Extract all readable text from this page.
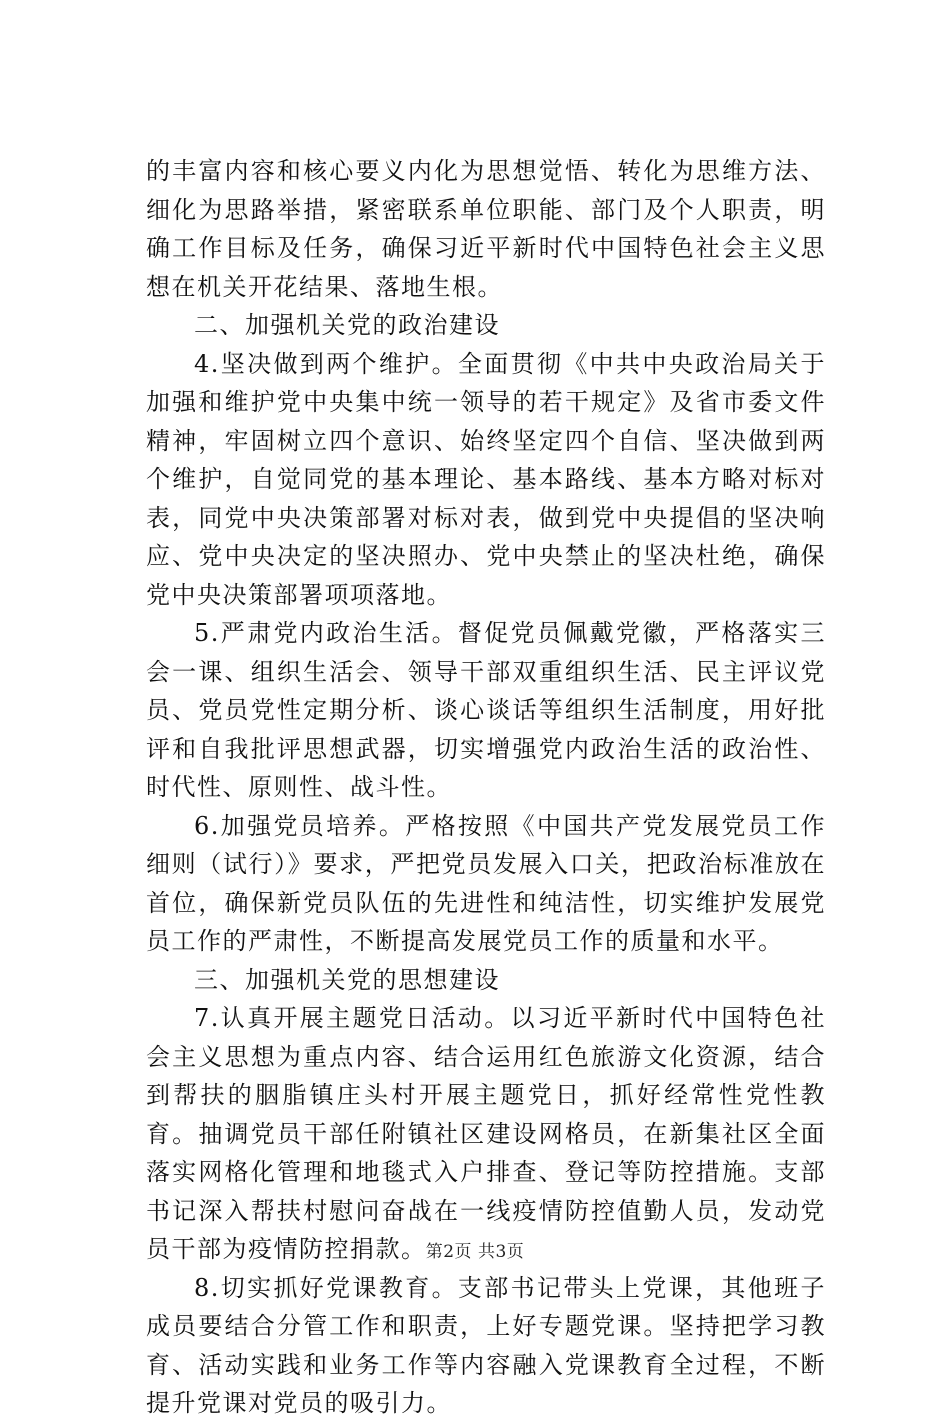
的丰富内容和核心要义内化为思想觉悟、转化为思维方法、细化为思路举措，紧密联系单位职能、部门及个人职责，明确工作目标及任务，确保习近平新时代中国特色社会主义思想在机关开花结果、落地生根。

二、加强机关党的政治建设

4.坚决做到两个维护。全面贯彻《中共中央政治局关于加强和维护党中央集中统一领导的若干规定》及省市委文件精神，牢固树立四个意识、始终坚定四个自信、坚决做到两个维护，自觉同党的基本理论、基本路线、基本方略对标对表，同党中央决策部署对标对表，做到党中央提倡的坚决响应、党中央决定的坚决照办、党中央禁止的坚决杜绝，确保党中央决策部署项项落地。

5.严肃党内政治生活。督促党员佩戴党徽，严格落实三会一课、组织生活会、领导干部双重组织生活、民主评议党员、党员党性定期分析、谈心谈话等组织生活制度，用好批评和自我批评思想武器，切实增强党内政治生活的政治性、时代性、原则性、战斗性。

6.加强党员培养。严格按照《中国共产党发展党员工作细则（试行）》要求，严把党员发展入口关，把政治标准放在首位，确保新党员队伍的先进性和纯洁性，切实维护发展党员工作的严肃性，不断提高发展党员工作的质量和水平。

三、加强机关党的思想建设

7.认真开展主题党日活动。以习近平新时代中国特色社会主义思想为重点内容、结合运用红色旅游文化资源，结合到帮扶的胭脂镇庄头村开展主题党日，抓好经常性党性教育。抽调党员干部任附镇社区建设网格员，在新集社区全面落实网格化管理和地毯式入户排查、登记等防控措施。支部书记深入帮扶村慰问奋战在一线疫情防控值勤人员，发动党员干部为疫情防控捐款。

8.切实抓好党课教育。支部书记带头上党课，其他班子成员要结合分管工作和职责，上好专题党课。坚持把学习教育、活动实践和业务工作等内容融入党课教育全过程，不断提升党课对党员的吸引力。

第2页 共3页
